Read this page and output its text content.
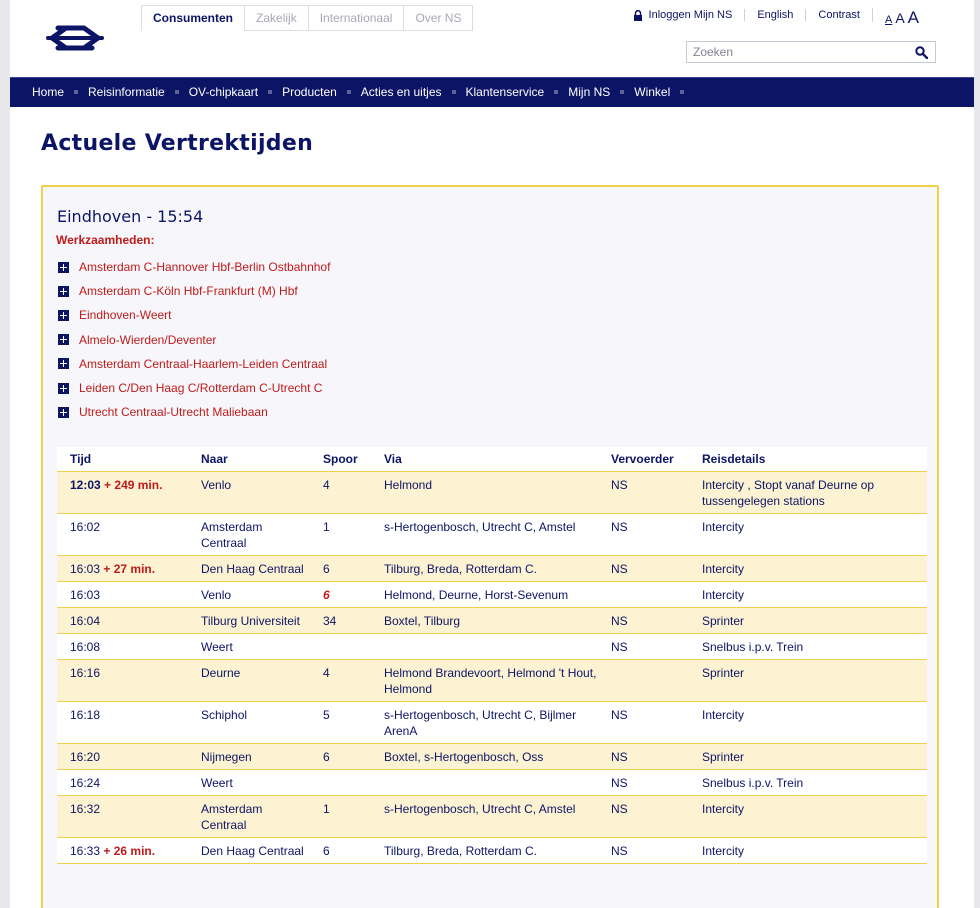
Consumenten	Zakelijk	Internationaal	Over NS	Inloggen Mijn NS	English	Contrast	A A A
Zoeken
Home Reisinformatie OV-chipkaart Producten Acties en uitjes Klantenservice Mijn NS Winkel
Actuele Vertrektijden
Eindhoven - 15:54
Werkzaamheden:
Amsterdam C-Hannover Hbf-Berlin Ostbahnhof
Amsterdam C-Köln Hbf-Frankfurt (M) Hbf
Eindhoven-Weert
Almelo-Wierden/Deventer
Amsterdam Centraal-Haarlem-Leiden Centraal
Leiden C/Den Haag C/Rotterdam C-Utrecht C
Utrecht Centraal-Utrecht Maliebaan
Tijd	Naar	Spoor	Via	Vervoerder	Reisdetails
12:03 + 249 min.	Venlo	4	Helmond	NS	Intercity , Stopt vanaf Deurne op tussengelegen stations
16:02	Amsterdam Centraal	1	s-Hertogenbosch, Utrecht C, Amstel	NS	Intercity
16:03 + 27 min.	Den Haag Centraal	6	Tilburg, Breda, Rotterdam C.	NS	Intercity
16:03	Venlo	6	Helmond, Deurne, Horst-Sevenum		Intercity
16:04	Tilburg Universiteit	34	Boxtel, Tilburg	NS	Sprinter
16:08	Weert			NS	Snelbus i.p.v. Trein
16:16	Deurne	4	Helmond Brandevoort, Helmond 't Hout, Helmond		Sprinter
16:18	Schiphol	5	s-Hertogenbosch, Utrecht C, Bijlmer ArenA	NS	Intercity
16:20	Nijmegen	6	Boxtel, s-Hertogenbosch, Oss	NS	Sprinter
16:24	Weert			NS	Snelbus i.p.v. Trein
16:32	Amsterdam Centraal	1	s-Hertogenbosch, Utrecht C, Amstel	NS	Intercity
16:33 + 26 min.	Den Haag Centraal	6	Tilburg, Breda, Rotterdam C.	NS	Intercity
